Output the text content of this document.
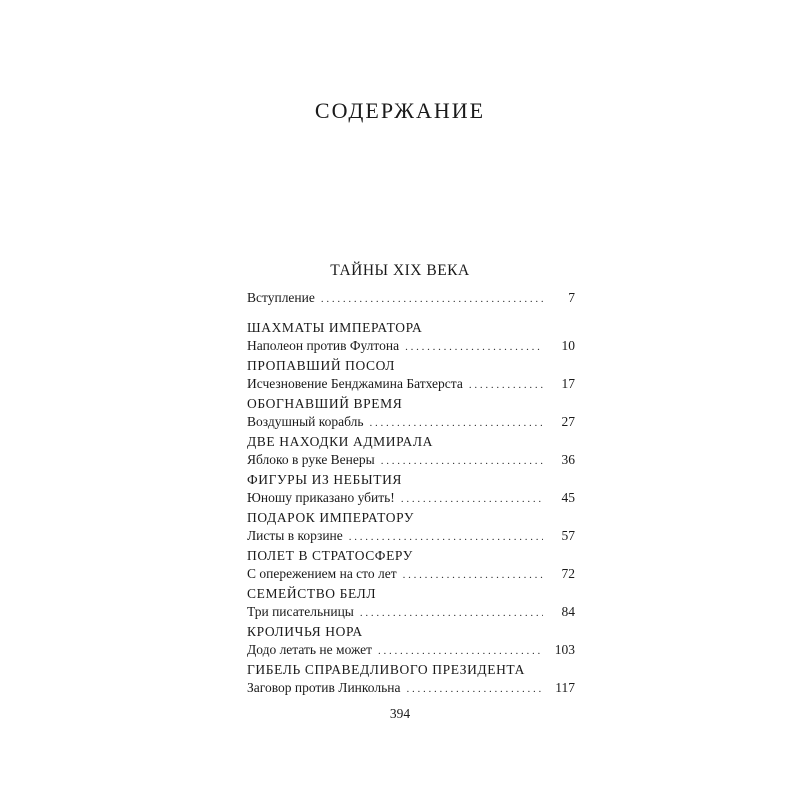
СОДЕРЖАНИЕ
ТАЙНЫ XIX ВЕКА
Вступление . . .	7
ШАХМАТЫ ИМПЕРАТОРА
Наполеон против Фултона . . .	10
ПРОПАВШИЙ ПОСОЛ
Исчезновение Бенджамина Батхерста . . .	17
ОБОГНАВШИЙ ВРЕМЯ
Воздушный корабль . . .	27
ДВЕ НАХОДКИ АДМИРАЛА
Яблоко в руке Венеры . . .	36
ФИГУРЫ ИЗ НЕБЫТИЯ
Юношу приказано убить! . . .	45
ПОДАРОК ИМПЕРАТОРУ
Листы в корзине . . .	57
ПОЛЕТ В СТРАТОСФЕРУ
С опережением на сто лет . . .	72
СЕМЕЙСТВО БЕЛЛ
Три писательницы . . .	84
КРОЛИЧЬЯ НОРА
Додо летать не может . . .	103
ГИБЕЛЬ СПРАВЕДЛИВОГО ПРЕЗИДЕНТА
Заговор против Линкольна . . .	117
394
